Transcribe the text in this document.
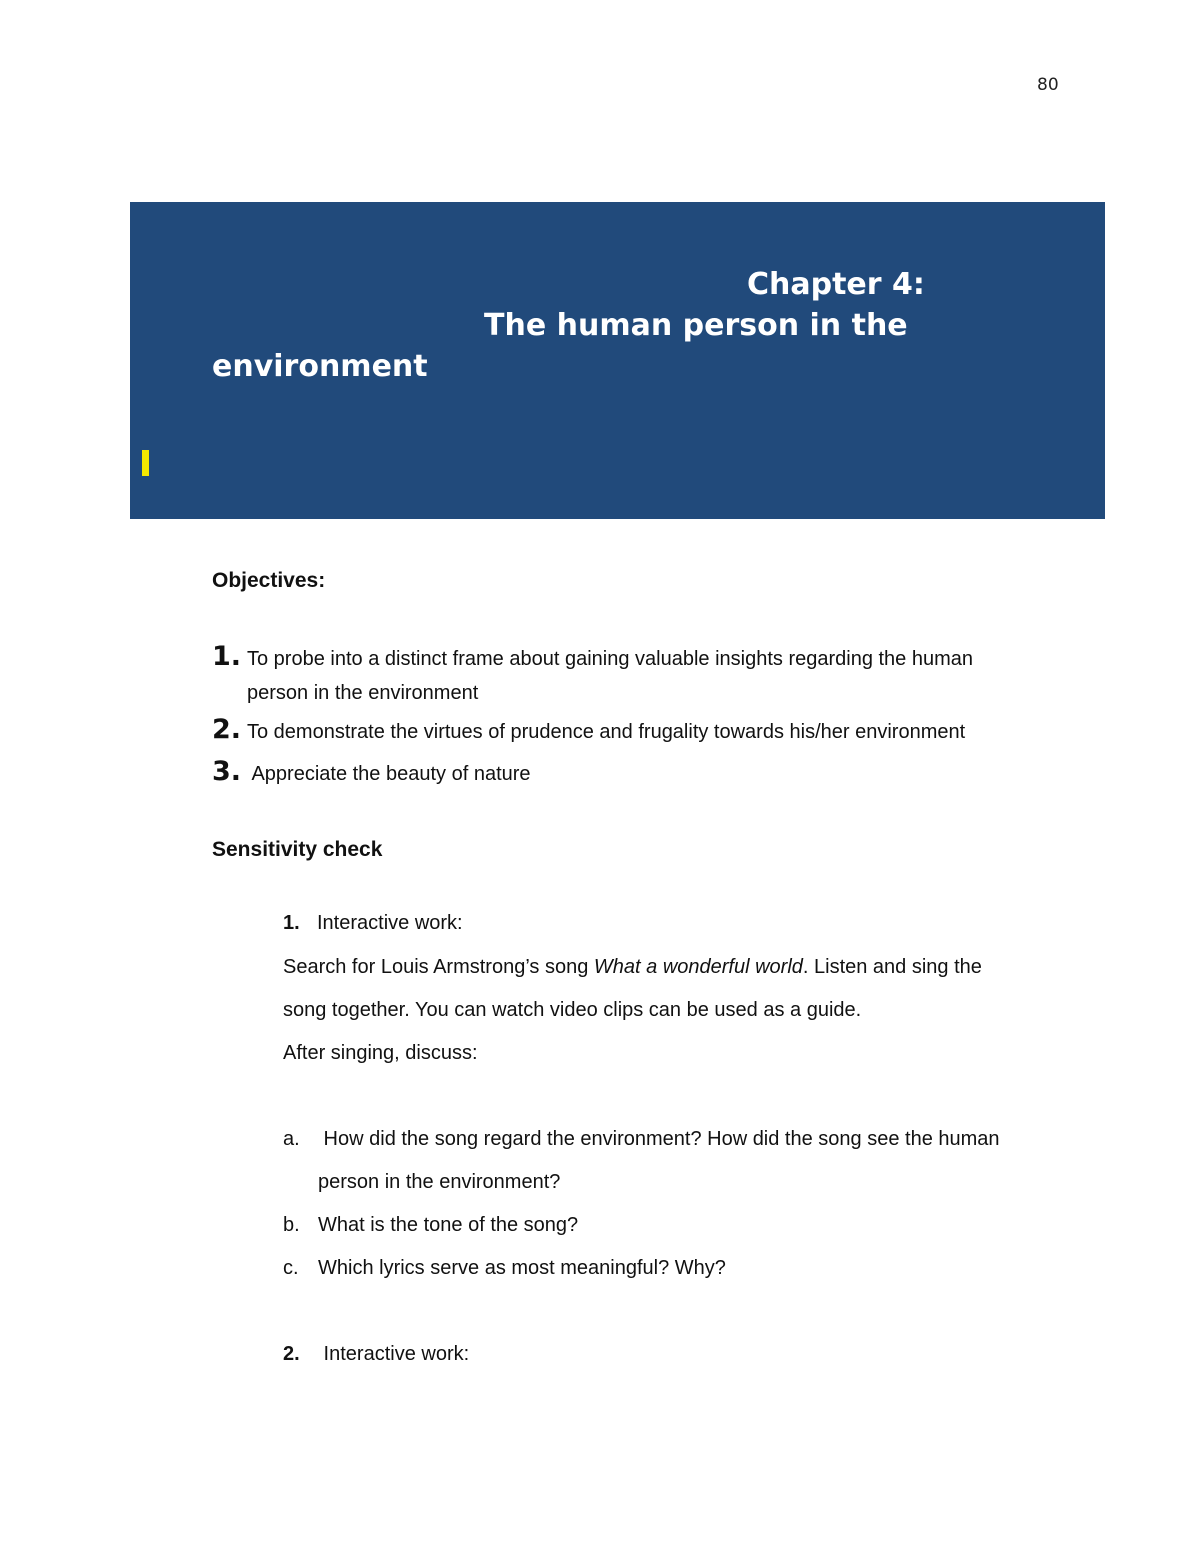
80
Chapter 4:
The human person in the
environment
Objectives:
1. To probe into a distinct frame about gaining valuable insights regarding the human
person in the environment
2. To demonstrate the virtues of prudence and frugality towards his/her environment
3. Appreciate the beauty of nature
Sensitivity check
1. Interactive work:
Search for Louis Armstrong’s song What a wonderful world. Listen and sing the
song together. You can watch video clips can be used as a guide.
After singing, discuss:
a. How did the song regard the environment? How did the song see the human
person in the environment?
b. What is the tone of the song?
c. Which lyrics serve as most meaningful? Why?
2. Interactive work:
